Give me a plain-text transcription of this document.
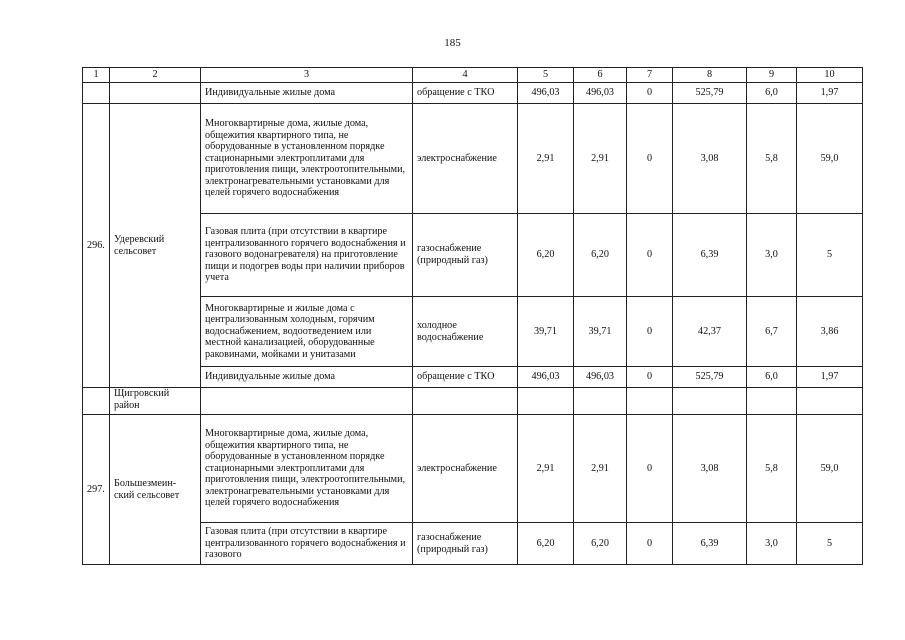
185
1	2	3	4	5	6	7	8	9	10
		Индивидуальные жилые дома	обращение с ТКО	496,03	496,03	0	525,79	6,0	1,97
296.	Удеревский сельсовет	Многоквартирные дома, жилые дома, общежития квартирного типа, не оборудованные в установленном порядке стационарными электроплитами для приготовления пищи, электроотопительными, электронагревательными установками для целей горячего водоснабжения	электроснабжение	2,91	2,91	0	3,08	5,8	59,0
		Газовая плита (при отсутствии в квартире централизованного горячего водоснабжения и газового водонагревателя) на приготовление пищи и подогрев воды при наличии приборов учета	газоснабжение (природный газ)	6,20	6,20	0	6,39	3,0	5
		Многоквартирные и жилые дома с централизованным холодным, горячим водоснабжением, водоотведением или местной канализацией, оборудованные раковинами, мойками и унитазами	холодное водоснабжение	39,71	39,71	0	42,37	6,7	3,86
		Индивидуальные жилые дома	обращение с ТКО	496,03	496,03	0	525,79	6,0	1,97
	Щигровский район								
297.	Большезмеин-ский сельсовет	Многоквартирные дома, жилые дома, общежития квартирного типа, не оборудованные в установленном порядке стационарными электроплитами для приготовления пищи, электроотопительными, электронагревательными установками для целей горячего водоснабжения	электроснабжение	2,91	2,91	0	3,08	5,8	59,0
		Газовая плита (при отсутствии в квартире централизованного горячего водоснабжения и газового	газоснабжение (природный газ)	6,20	6,20	0	6,39	3,0	5
